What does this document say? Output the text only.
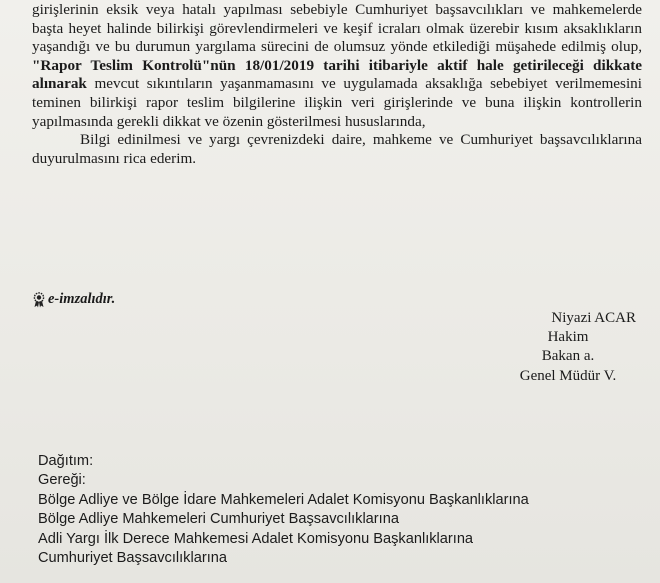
girişlerinin eksik veya hatalı yapılması sebebiyle Cumhuriyet başsavcılıkları ve mahkemelerde başta heyet halinde bilirkişi görevlendirmeleri ve keşif icraları olmak üzerebir kısım aksaklıkların yaşandığı ve bu durumun yargılama sürecini de olumsuz yönde etkilediği müşahede edilmiş olup, "Rapor Teslim Kontrolü"nün 18/01/2019 tarihi itibariyle aktif hale getirileceği dikkate alınarak mevcut sıkıntıların yaşanmamasını ve uygulamada aksaklığa sebebiyet verilmemesini teminen bilirkişi rapor teslim bilgilerine ilişkin veri girişlerinde ve buna ilişkin kontrollerin yapılmasında gerekli dikkat ve özenin gösterilmesi hususlarında,

Bilgi edinilmesi ve yargı çevrenizdeki daire, mahkeme ve Cumhuriyet başsavcılıklarına duyurulmasını rica ederim.

e-imzalıdır.
Niyazi ACAR
Hakim
Bakan a.
Genel Müdür V.
Dağıtım:
Gereği:
Bölge Adliye ve Bölge İdare Mahkemeleri Adalet Komisyonu Başkanlıklarına
Bölge Adliye Mahkemeleri Cumhuriyet Başsavcılıklarına
Adli Yargı İlk Derece Mahkemesi Adalet Komisyonu Başkanlıklarına
Cumhuriyet Başsavcılıklarına
